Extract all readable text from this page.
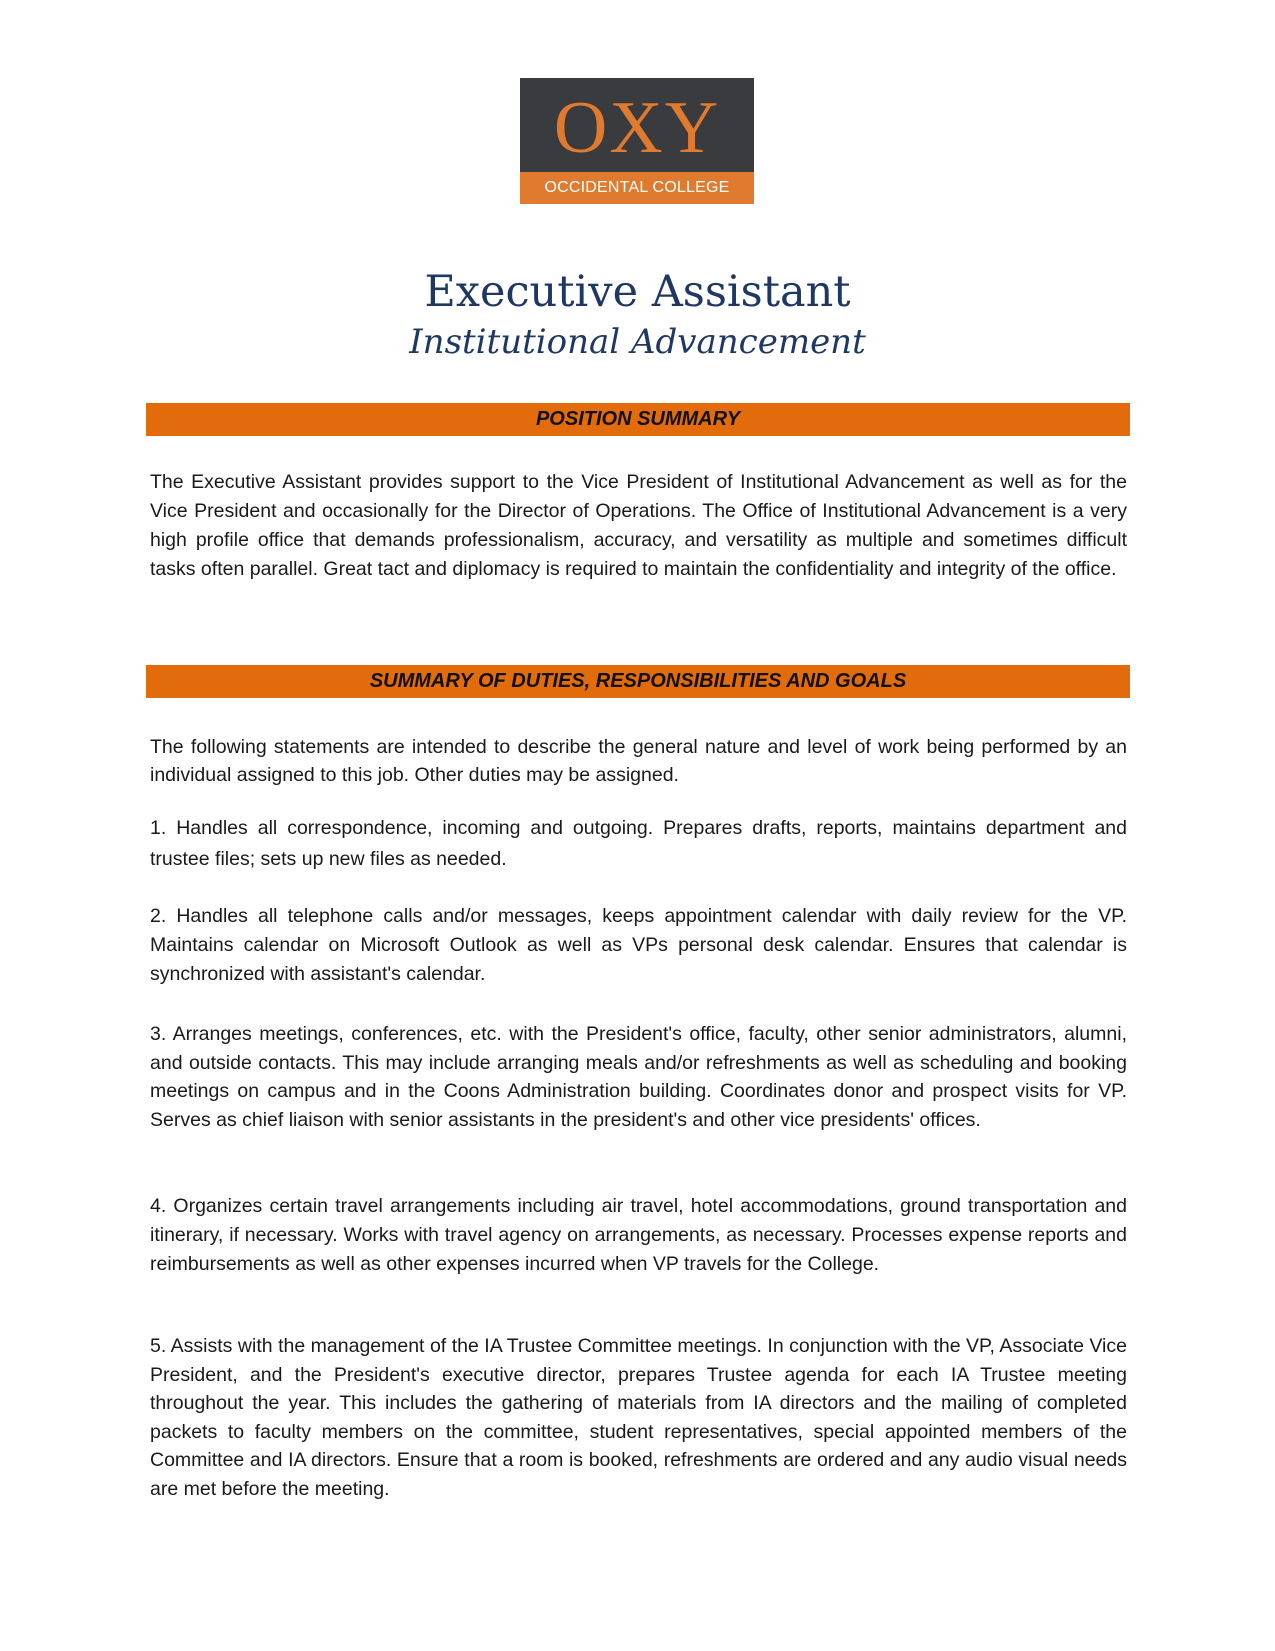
OXY
OCCIDENTAL COLLEGE
Executive Assistant
Institutional Advancement
POSITION SUMMARY

The Executive Assistant provides support to the Vice President of Institutional Advancement as well as for the Vice President and occasionally for the Director of Operations. The Office of Institutional Advancement is a very high profile office that demands professionalism, accuracy, and versatility as multiple and sometimes difficult tasks often parallel. Great tact and diplomacy is required to maintain the confidentiality and integrity of the office.

SUMMARY OF DUTIES, RESPONSIBILITIES AND GOALS

The following statements are intended to describe the general nature and level of work being performed by an individual assigned to this job. Other duties may be assigned.

1. Handles all correspondence, incoming and outgoing. Prepares drafts, reports, maintains department and trustee files; sets up new files as needed.

2. Handles all telephone calls and/or messages, keeps appointment calendar with daily review for the VP. Maintains calendar on Microsoft Outlook as well as VPs personal desk calendar. Ensures that calendar is synchronized with assistant's calendar.

3. Arranges meetings, conferences, etc. with the President's office, faculty, other senior administrators, alumni, and outside contacts. This may include arranging meals and/or refreshments as well as scheduling and booking meetings on campus and in the Coons Administration building. Coordinates donor and prospect visits for VP. Serves as chief liaison with senior assistants in the president's and other vice presidents' offices.

4. Organizes certain travel arrangements including air travel, hotel accommodations, ground transportation and itinerary, if necessary. Works with travel agency on arrangements, as necessary. Processes expense reports and reimbursements as well as other expenses incurred when VP travels for the College.

5. Assists with the management of the IA Trustee Committee meetings. In conjunction with the VP, Associate Vice President, and the President's executive director, prepares Trustee agenda for each IA Trustee meeting throughout the year. This includes the gathering of materials from IA directors and the mailing of completed packets to faculty members on the committee, student representatives, special appointed members of the Committee and IA directors. Ensure that a room is booked, refreshments are ordered and any audio visual needs are met before the meeting.
